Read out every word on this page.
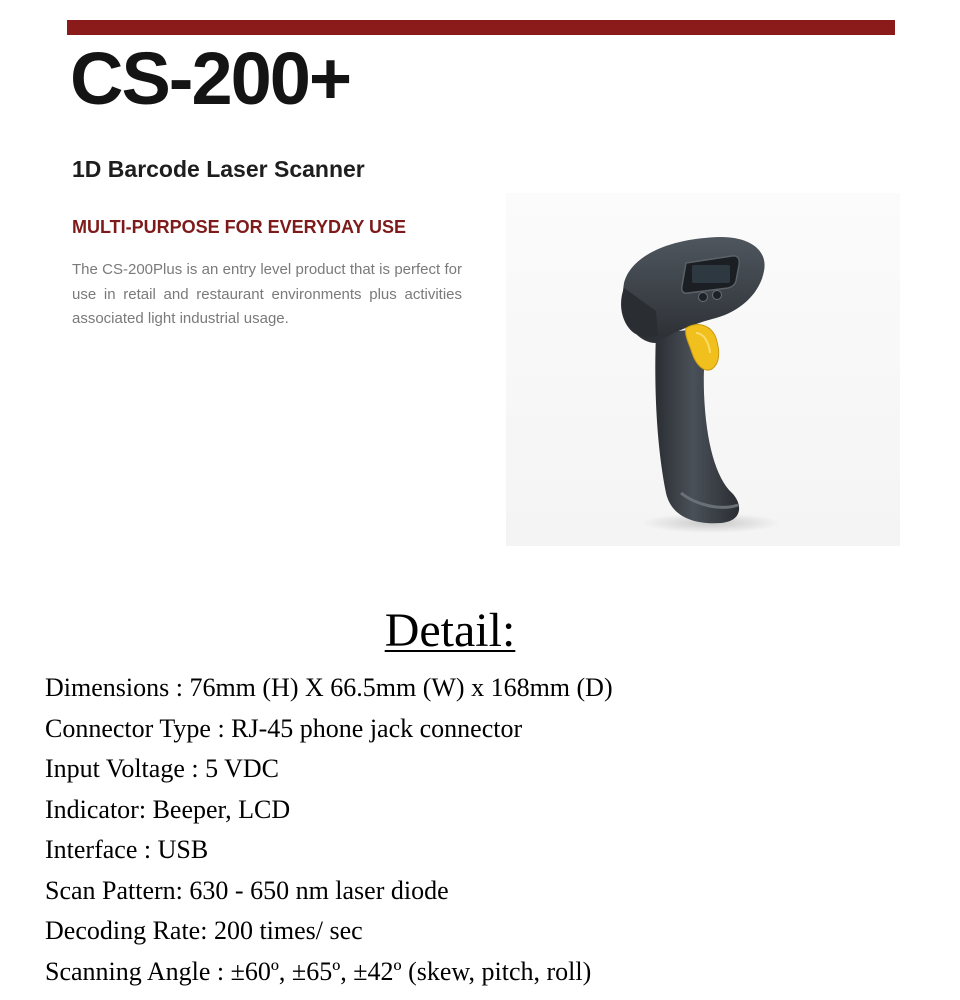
CS-200+
1D Barcode Laser Scanner
MULTI-PURPOSE FOR EVERYDAY USE
The CS-200Plus is an entry level product that is perfect for use in retail and restaurant environments plus activities associated light industrial usage.
Detail:
Dimensions : 76mm (H) X 66.5mm (W) x 168mm (D)
Connector Type : RJ-45 phone jack connector
Input Voltage : 5 VDC
Indicator: Beeper, LCD
Interface : USB
Scan Pattern: 630 - 650 nm laser diode
Decoding Rate: 200 times/ sec
Scanning Angle : ±60º, ±65º, ±42º (skew, pitch, roll)
